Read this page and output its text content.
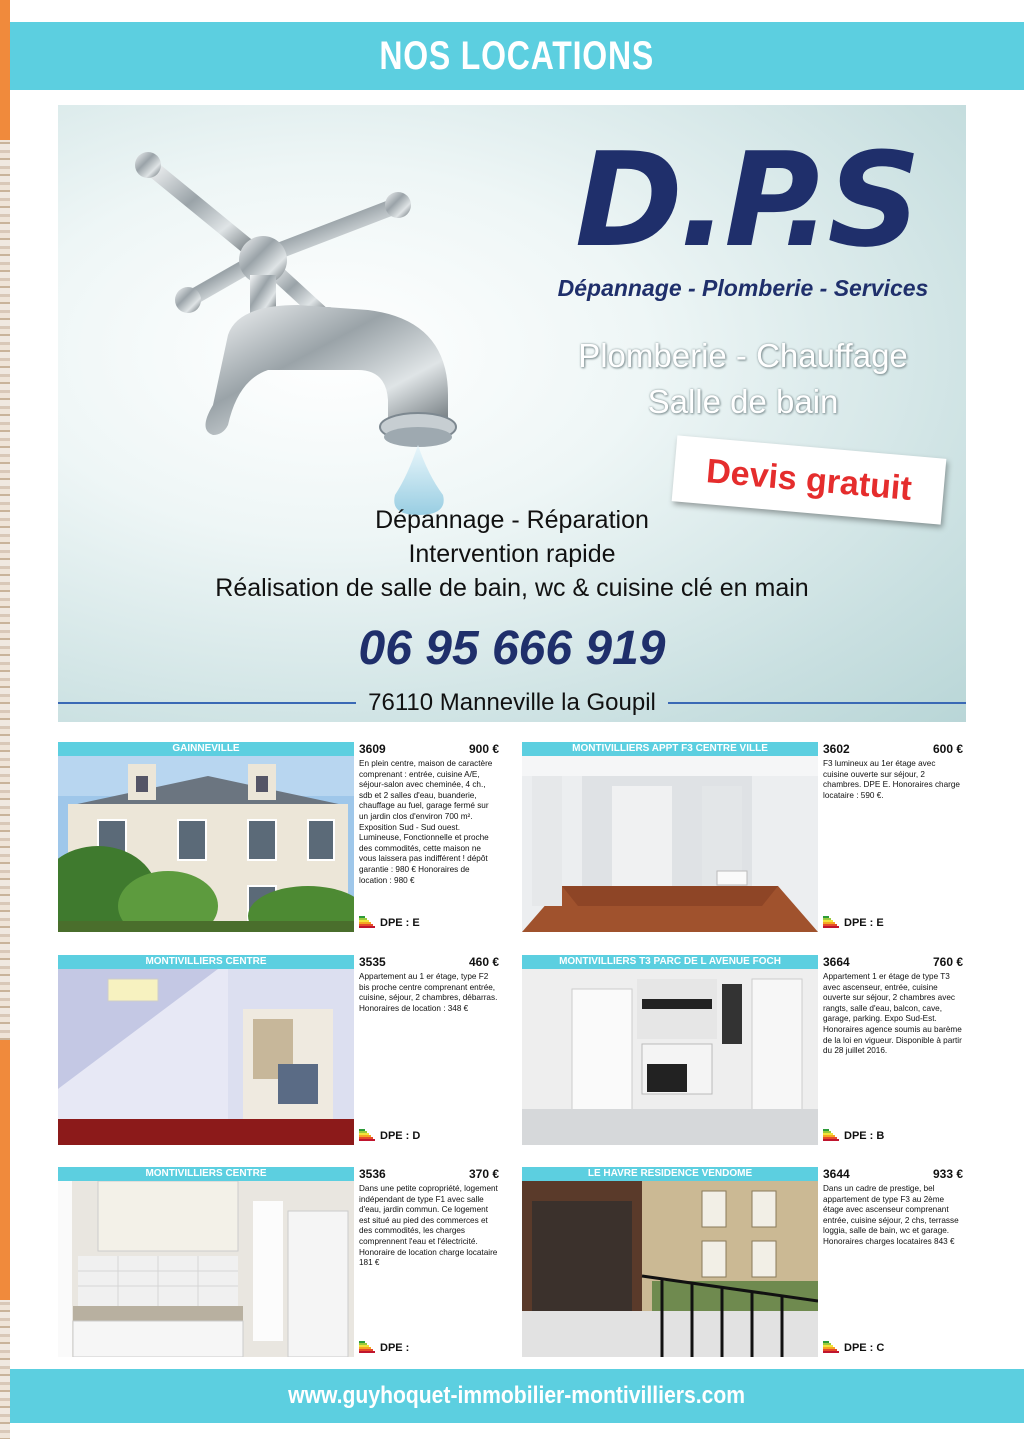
NOS LOCATIONS
D.P.S
Dépannage - Plomberie - Services
Plomberie - Chauffage
Salle de bain
Devis gratuit
Dépannage - Réparation
Intervention rapide
Réalisation de salle de bain, wc & cuisine clé en main
06 95 666 919
76110 Manneville la Goupil
GAINNEVILLE	3609	900 €
En plein centre, maison de caractère comprenant : entrée, cuisine A/E, séjour-salon avec cheminée, 4 ch., sdb et 2 salles d'eau, buanderie, chauffage au fuel, garage fermé sur un jardin clos d'environ 700 m². Exposition Sud - Sud ouest. Lumineuse, Fonctionnelle et proche des commodités, cette maison ne vous laissera pas indifférent ! dépôt garantie : 980 € Honoraires de location : 980 €
DPE : E
MONTIVILLIERS APPT F3 CENTRE VILLE	3602	600 €
F3 lumineux au 1er étage avec cuisine ouverte sur séjour, 2 chambres. DPE E. Honoraires charge locataire : 590 €.
DPE : E
MONTIVILLIERS CENTRE	3535	460 €
Appartement au 1 er étage, type F2 bis proche centre comprenant entrée, cuisine, séjour, 2 chambres, débarras. Honoraires de location : 348 €
DPE : D
MONTIVILLIERS T3 PARC DE L AVENUE FOCH	3664	760 €
Appartement 1 er étage de type T3 avec ascenseur, entrée, cuisine ouverte sur séjour, 2 chambres avec rangts, salle d'eau, balcon, cave, garage, parking. Expo Sud-Est. Honoraires agence soumis au barème de la loi en vigueur. Disponible à partir du 28 juillet 2016.
DPE : B
MONTIVILLIERS CENTRE	3536	370 €
Dans une petite copropriété, logement indépendant de type F1 avec salle d'eau, jardin commun. Ce logement est situé au pied des commerces et des commodités, les charges comprennent l'eau et l'électricité. Honoraire de location charge locataire 181 €
DPE :
LE HAVRE RESIDENCE VENDOME	3644	933 €
Dans un cadre de prestige, bel appartement de type F3 au 2ème étage avec ascenseur comprenant entrée, cuisine séjour, 2 chs, terrasse loggia, salle de bain, wc et garage. Honoraires charges locataires 843 €
DPE : C
www.guyhoquet-immobilier-montivilliers.com
